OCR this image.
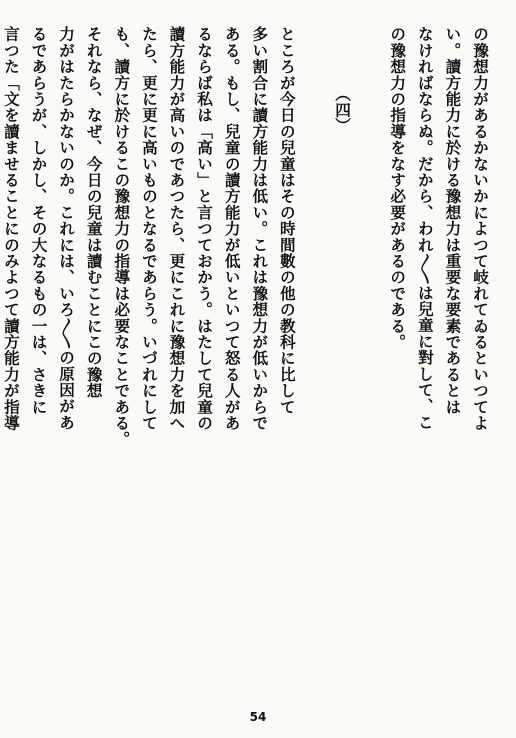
の豫想力があるかないかによつて岐れてゐるといつてよ
い。讀方能力に於ける豫想力は重要な要素であるとは
なければならぬ。だから、われ〳〵は兒童に對して、こ
の豫想力の指導をなす必要があるのである。
（四）
ところが今日の兒童はその時間數の他の教科に比して
多い割合に讀方能力は低い。これは豫想力が低いからで
ある。もし、兒童の讀方能力が低いといつて怒る人があ
るならば私は「高い」と言つておかう。はたして兒童の
讀方能力が高いのであつたら、更にこれに豫想力を加へ
たら、更に更に高いものとなるであらう。いづれにして
も、讀方に於けるこの豫想力の指導は必要なことである。
それなら、なぜ、今日の兒童は讀むことにこの豫想
力がはたらかないのか。これには、いろ〳〵の原因があ
るであらうが、しかし、その大なるもの一は、さきに
言つた「文を讀ませることにのみよつて讀方能力が指導
54
